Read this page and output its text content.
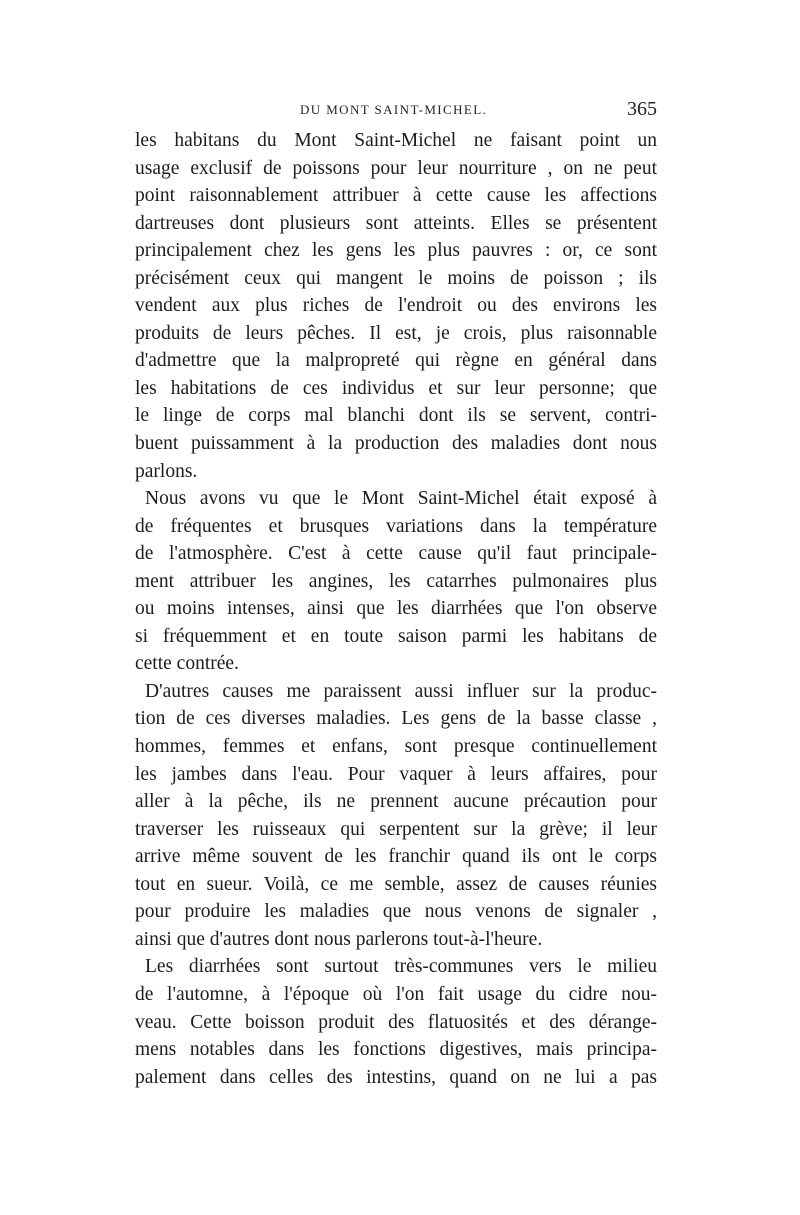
DU MONT SAINT-MICHEL.	365
les habitans du Mont Saint-Michel ne faisant point un
usage exclusif de poissons pour leur nourriture , on ne peut
point raisonnablement attribuer à cette cause les affections
dartreuses dont plusieurs sont atteints. Elles se présentent
principalement chez les gens les plus pauvres : or, ce sont
précisément ceux qui mangent le moins de poisson ; ils
vendent aux plus riches de l'endroit ou des environs les
produits de leurs pêches. Il est, je crois, plus raisonnable
d'admettre que la malpropreté qui règne en général dans
les habitations de ces individus et sur leur personne; que
le linge de corps mal blanchi dont ils se servent, contri-
buent puissamment à la production des maladies dont nous
parlons.
Nous avons vu que le Mont Saint-Michel était exposé à
de fréquentes et brusques variations dans la température
de l'atmosphère. C'est à cette cause qu'il faut principale-
ment attribuer les angines, les catarrhes pulmonaires plus
ou moins intenses, ainsi que les diarrhées que l'on observe
si fréquemment et en toute saison parmi les habitans de
cette contrée.
D'autres causes me paraissent aussi influer sur la produc-
tion de ces diverses maladies. Les gens de la basse classe ,
hommes, femmes et enfans, sont presque continuellement
les jambes dans l'eau. Pour vaquer à leurs affaires, pour
aller à la pêche, ils ne prennent aucune précaution pour
traverser les ruisseaux qui serpentent sur la grève; il leur
arrive même souvent de les franchir quand ils ont le corps
tout en sueur. Voilà, ce me semble, assez de causes réunies
pour produire les maladies que nous venons de signaler ,
ainsi que d'autres dont nous parlerons tout-à-l'heure.
Les diarrhées sont surtout très-communes vers le milieu
de l'automne, à l'époque où l'on fait usage du cidre nou-
veau. Cette boisson produit des flatuosités et des dérange-
mens notables dans les fonctions digestives, mais principa-
palement dans celles des intestins, quand on ne lui a pas
